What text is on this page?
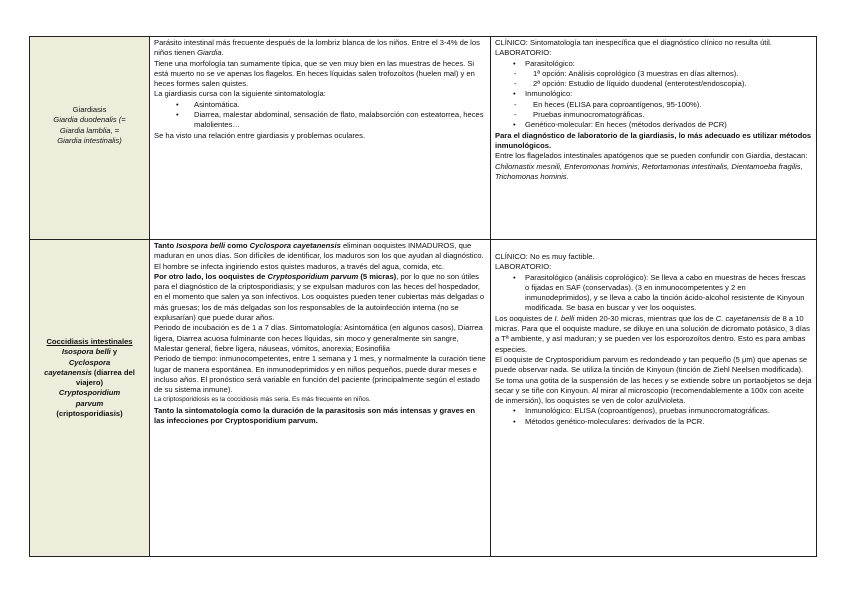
Giardiasis
Giardia duodenalis (=
Giardia lamblia, =
Giardia intestinalis)

Parásito intestinal más frecuente después de la lombriz blanca de los niños. Entre el 3-4% de los niños tienen Giardia.

Tiene una morfología tan sumamente típica, que se ven muy bien en las muestras de heces. Si está muerto no se ve apenas los flagelos. En heces líquidas salen trofozoítos (huelen mal) y en heces formes salen quistes.

La giardiasis cursa con la siguiente sintomatología:

• Asintomática.
• Diarrea, malestar abdominal, sensación de flato, malabsorción con esteatorrea, heces malolientes…

Se ha visto una relación entre giardiasis y problemas oculares.

CLÍNICO: Sintomatología tan inespecífica que el diagnóstico clínico no resulta útil.

LABORATORIO:

• Parasitológico:
- 1ª opción: Análisis coprológico (3 muestras en días alternos).
- 2ª opción: Estudio de líquido duodenal (enterotest/endoscopia).
• Inmunológico:
- En heces (ELISA para coproantígenos, 95-100%).
- Pruebas inmunocromatográficas.
• Genético-molecular: En heces (métodos derivados de PCR)

Para el diagnóstico de laboratorio de la giardiasis, lo más adecuado es utilizar métodos inmunológicos.

Entre los flagelados intestinales apatógenos que se pueden confundir con Giardia, destacan: Chilomastix mesnili, Enteromonas hominis, Retortamonas intestinalis, Dientamoeba fragilis, Trichomonas hominis.

Coccidiasis intestinales
Isospora belli y
Cyclospora
cayetanensis (diarrea del viajero)
Cryptosporidium
parvum
(criptosporidiasis)

Tanto Isospora belli como Cyclospora cayetanensis eliminan ooquistes INMADUROS, que maduran en unos días. Son difíciles de identificar, los maduros son los que ayudan al diagnóstico. El hombre se infecta ingiriendo estos quistes maduros, a través del agua, comida, etc.

Por otro lado, los ooquistes de Cryptosporidium parvum (5 micras), por lo que no son útiles para el diagnóstico de la criptosporidiasis; y se expulsan maduros con las heces del hospedador, en el momento que salen ya son infectivos. Los ooquistes pueden tener cubiertas más delgadas o más gruesas; los de más delgadas son los responsables de la autoinfección interna (no se explusarían) que puede durar años.

Periodo de incubación es de 1 a 7 días. Sintomatología: Asintomática (en algunos casos), Diarrea ligera, Diarrea acuosa fulminante con heces líquidas, sin moco y generalmente sin sangre, Malestar general, fiebre ligera, náuseas, vómitos, anorexia; Eosinofilia

Periodo de tiempo: inmunocompetentes, entre 1 semana y 1 mes, y normalmente la curación tiene lugar de manera espontánea. En inmunodeprimidos y en niños pequeños, puede durar meses e incluso años. El pronóstico será variable en función del paciente (principalmente según el estado de su sistema inmune).

La criptosporidiosis es la coccidiosis más seria. Es más frecuente en niños.

Tanto la sintomatología como la duración de la parasitosis son más intensas y graves en las infecciones por Cryptosporidium parvum.

CLÍNICO: No es muy factible.

LABORATORIO:

• Parasitológico (análisis coprológico): Se lleva a cabo en muestras de heces frescas o fijadas en SAF (conservadas). (3 en inmunocompetentes y 2 en inmunodeprimidos), y se lleva a cabo la tinción ácido-alcohol resistente de Kinyoun modificada. Se basa en buscar y ver los ooquistes.

Los ooquistes de I. belli miden 20-30 micras, mientras que los de C. cayetanensis de 8 a 10 micras. Para que el ooquiste madure, se diluye en una solución de dicromato potásico, 3 días a Tª ambiente, y así maduran; y se pueden ver los esporozoítos dentro. Esto es para ambas especies.

El ooquiste de Cryptosporidium parvum es redondeado y tan pequeño (5 μm) que apenas se puede observar nada. Se utiliza la tinción de Kinyoun (tinción de Ziehl Neelsen modificada). Se toma una gotita de la suspensión de las heces y se extiende sobre un portaobjetos se deja secar y se tiñe con Kinyoun. Al mirar al microscopio (recomendablemente a 100x con aceite de inmersión), los ooquistes se ven de color azul/violeta.

• Inmunológico: ELISA (coproantígenos), pruebas inmunocromatográficas.
• Métodos genético-moleculares: derivados de la PCR.
